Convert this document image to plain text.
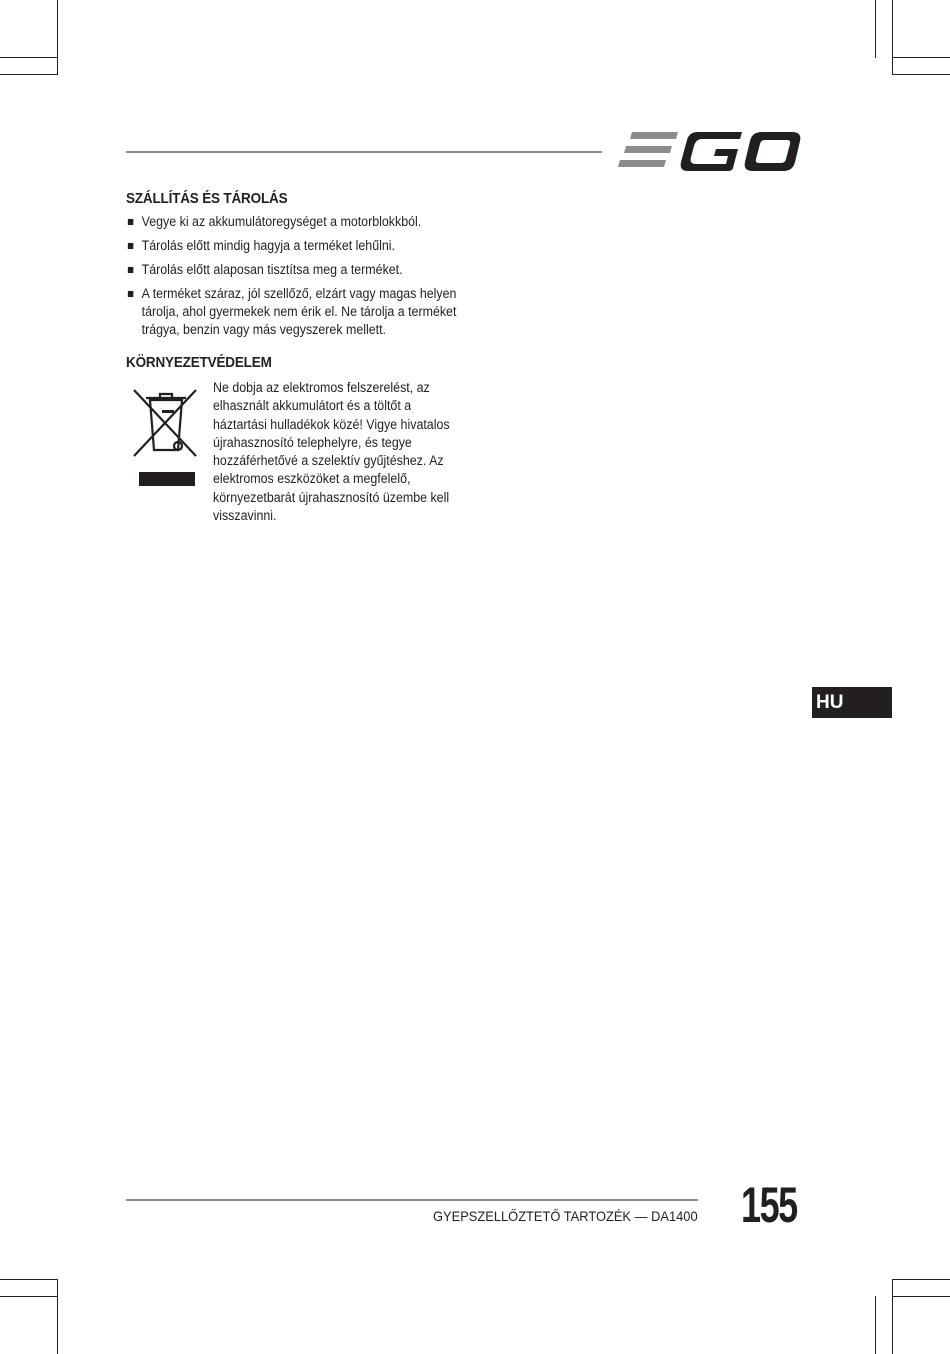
SZÁLLÍTÁS ÉS TÁROLÁS
Vegye ki az akkumulátoregységet a motorblokkból.
Tárolás előtt mindig hagyja a terméket lehűlni.
Tárolás előtt alaposan tisztítsa meg a terméket.
A terméket száraz, jól szellőző, elzárt vagy magas helyen tárolja, ahol gyermekek nem érik el. Ne tárolja a terméket trágya, benzin vagy más vegyszerek mellett.
KÖRNYEZETVÉDELEM

Ne dobja az elektromos felszerelést, az elhasznált akkumulátort és a töltőt a háztartási hulladékok közé! Vigye hivatalos újrahasznosító telephelyre, és tegye hozzáférhetővé a szelektív gyűjtéshez. Az elektromos eszközöket a megfelelő, környezetbarát újrahasznosító üzembe kell visszavinni.

HU
GYEPSZELLŐZTETŐ TARTOZÉK — DA1400 155
